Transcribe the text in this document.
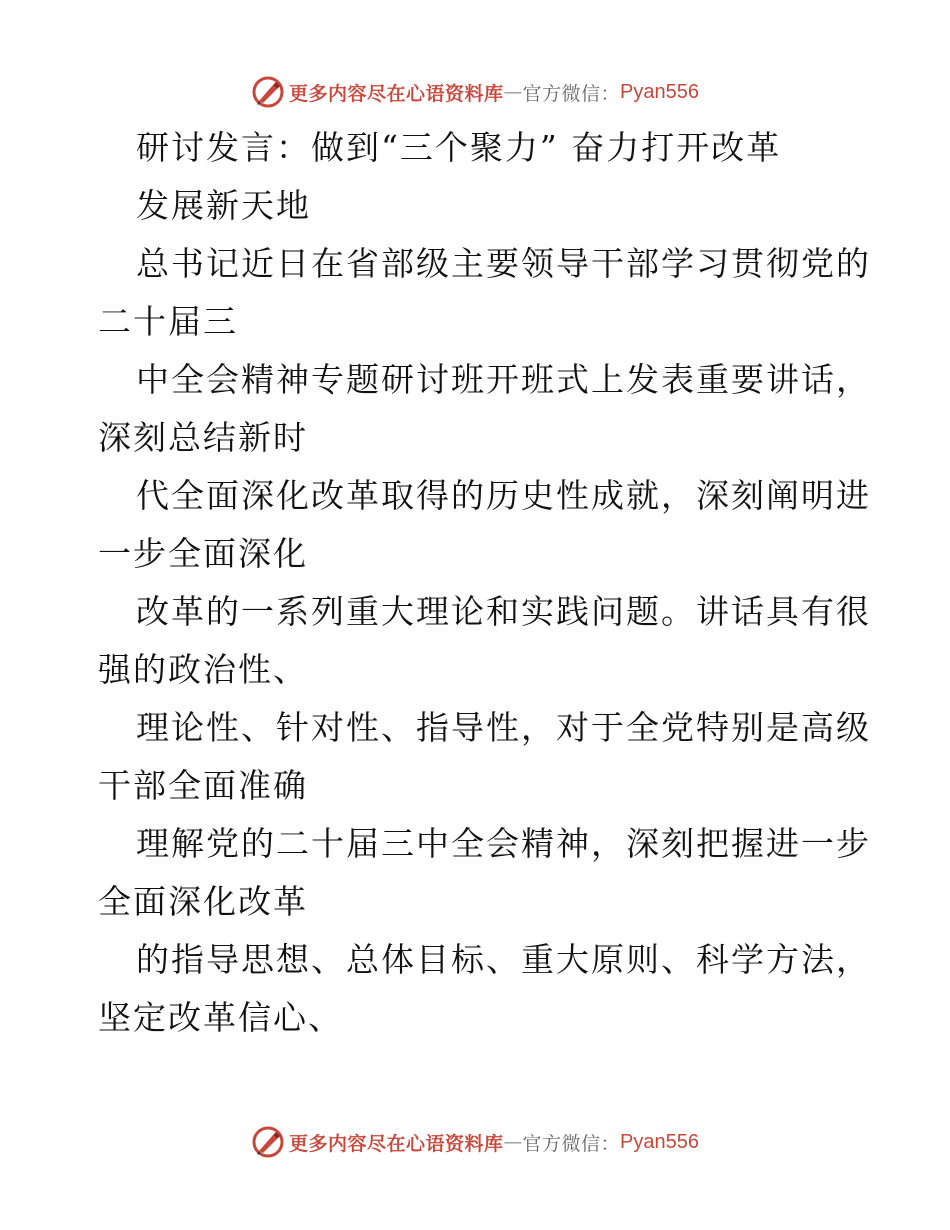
更多内容尽在心语资料库 — 官方微信： Pyan556

研讨发言：做到“三个聚力” 奋力打开改革

发展新天地

总书记近日在省部级主要领导干部学习贯彻党的

二十届三

中全会精神专题研讨班开班式上发表重要讲话，

深刻总结新时

代全面深化改革取得的历史性成就，深刻阐明进

一步全面深化

改革的一系列重大理论和实践问题。讲话具有很

强的政治性、

理论性、针对性、指导性，对于全党特别是高级

干部全面准确

理解党的二十届三中全会精神，深刻把握进一步

全面深化改革

的指导思想、总体目标、重大原则、科学方法，

坚定改革信心、

更多内容尽在心语资料库 — 官方微信： Pyan556
